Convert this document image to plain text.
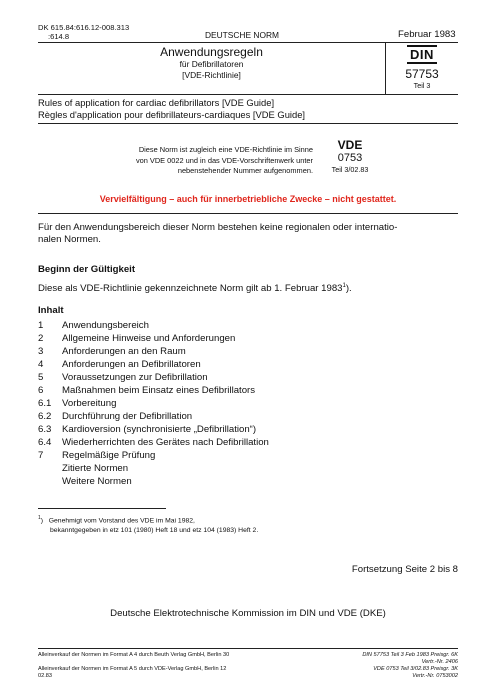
DK 615.84:616.12-008.313
:614.8	DEUTSCHE NORM	Februar 1983
Anwendungsregeln
für Defibrillatoren
[VDE-Richtlinie]
DIN
57753
Teil 3
Rules of application for cardiac defibrillators [VDE Guide]
Règles d'application pour defibrillateurs-cardiaques [VDE Guide]
Diese Norm ist zugleich eine VDE-Richtlinie im Sinne
von VDE 0022 und in das VDE-Vorschriftenwerk unter
nebenstehender Nummer aufgenommen.
VDE
0753
Teil 3/02.83
Vervielfältigung – auch für innerbetriebliche Zwecke – nicht gestattet.
Für den Anwendungsbereich dieser Norm bestehen keine regionalen oder internatio-
nalen Normen.
Beginn der Gültigkeit
Diese als VDE-Richtlinie gekennzeichnete Norm gilt ab 1. Februar 1983$^1$).
Inhalt
1 Anwendungsbereich
2 Allgemeine Hinweise und Anforderungen
3 Anforderungen an den Raum
4 Anforderungen an Defibrillatoren
5 Voraussetzungen zur Defibrillation
6 Maßnahmen beim Einsatz eines Defibrillators
6.1 Vorbereitung
6.2 Durchführung der Defibrillation
6.3 Kardioversion (synchronisierte „Defibrillation“)
6.4 Wiederherrichten des Gerätes nach Defibrillation
7 Regelmäßige Prüfung
Zitierte Normen
Weitere Normen
$^1$) Genehmigt vom Vorstand des VDE im Mai 1982,
bekanntgegeben in etz 101 (1980) Heft 18 und etz 104 (1983) Heft 2.
Fortsetzung Seite 2 bis 8
Deutsche Elektrotechnische Kommission im DIN und VDE (DKE)
Alleinverkauf der Normen im Format A 4 durch Beuth Verlag GmbH, Berlin 30
Alleinverkauf der Normen im Format A 5 durch VDE-Verlag GmbH, Berlin 12
02.83
DIN 57753 Teil 3 Feb 1983 Preisgr. 6K
Vertr.-Nr. 2406
VDE 0753 Teil 3/02.83 Preisgr. 3K
Vertr.-Nr. 0753002
